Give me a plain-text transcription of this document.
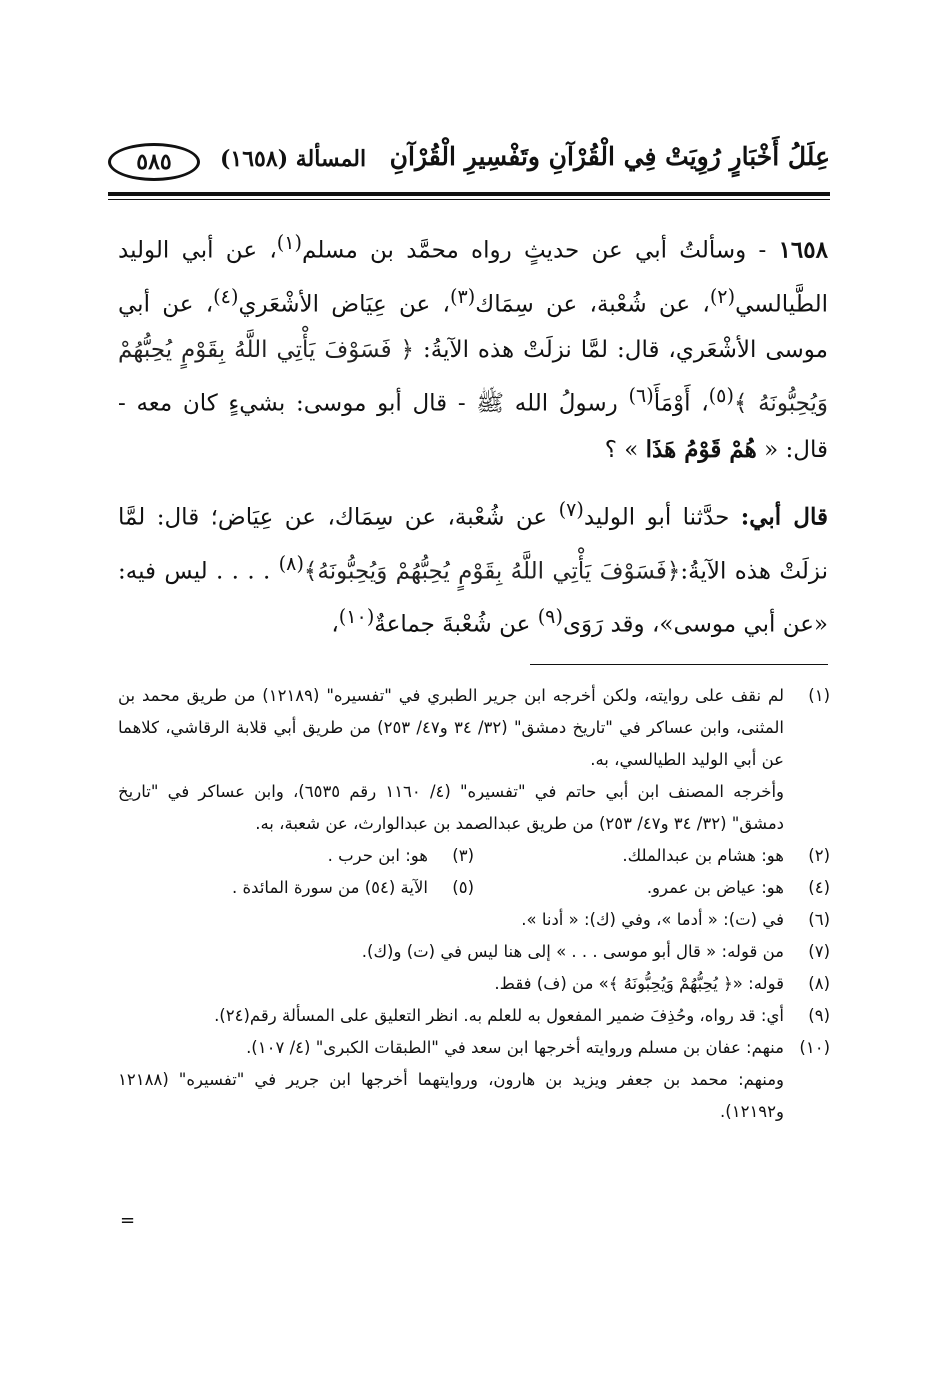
عِلَلُ أَخْبَارٍ رُوِيَتْ فِي الْقُرْآنِ وتَفْسِيرِ الْقُرْآنِ
المسألة (١٦٥٨)
٥٨٥

١٦٥٨ - وسألتُ أبي عن حديثٍ رواه محمَّد بن مسلم$^{(١)}$، عن أبي الوليد الطَّيالسي$^{(٢)}$، عن شُعْبة، عن سِمَاك$^{(٣)}$، عن عِيَاض الأشْعَري$^{(٤)}$، عن أبي موسى الأشْعَري، قال: لمَّا نزلَتْ هذه الآيةُ: ﴿ فَسَوْفَ يَأْتِي اللَّهُ بِقَوْمٍ يُحِبُّهُمْ وَيُحِبُّونَهُ ﴾$^{(٥)}$، أَوْمَأَ$^{(٦)}$ رسولُ الله ﷺ - قال أبو موسى: بشيءٍ كان معه - قال: « هُمْ قَوْمُ هَذَا » ؟

قال أبي: حدَّثنا أبو الوليد$^{(٧)}$ عن شُعْبة، عن سِمَاك، عن عِيَاض؛ قال: لمَّا نزلَتْ هذه الآيةُ:﴿فَسَوْفَ يَأْتِي اللَّهُ بِقَوْمٍ يُحِبُّهُمْ وَيُحِبُّونَهُ﴾$^{(٨)}$ . . . . ليس فيه: «عن أبي موسى»، وقد رَوَى$^{(٩)}$ عن شُعْبةَ جماعةٌ$^{(١٠)}$،

(١)
لم نقف على روايته، ولكن أخرجه ابن جرير الطبري في "تفسيره" (١٢١٨٩) من طريق محمد بن المثنى، وابن عساكر في "تاريخ دمشق" (٣٢/ ٣٤ و٤٧/ ٢٥٣) من طريق أبي قلابة الرقاشي، كلاهما عن أبي الوليد الطيالسي، به.
وأخرجه المصنف ابن أبي حاتم في "تفسيره" (٤/ ١١٦٠ رقم ٦٥٣٥)، وابن عساكر في "تاريخ دمشق" (٣٢/ ٣٤ و٤٧/ ٢٥٣) من طريق عبدالصمد بن عبدالوارث، عن شعبة، به.
(٢)
هو: هشام بن عبدالملك.
(٣)
هو: ابن حرب .
(٤)
هو: عياض بن عمرو.
(٥)
الآية (٥٤) من سورة المائدة .
(٦)
في (ت): « أدما »، وفي (ك): « أدنا ».
(٧)
من قوله: « قال أبو موسى . . . » إلى هنا ليس في (ت) و(ك).
(٨)
قوله: «﴿ يُحِبُّهُمْ وَيُحِبُّونَهُ ﴾» من (ف) فقط.
(٩)
أي: قد رواه، وحُذِفَ ضمير المفعول به للعلم به. انظر التعليق على المسألة رقم(٢٤).
(١٠)
منهم: عفان بن مسلم وروايته أخرجها ابن سعد في "الطبقات الكبرى" (٤/ ١٠٧).
ومنهم: محمد بن جعفر ويزيد بن هارون، وروايتهما أخرجها ابن جرير في "تفسيره" (١٢١٨٨ و١٢١٩٢).
=
